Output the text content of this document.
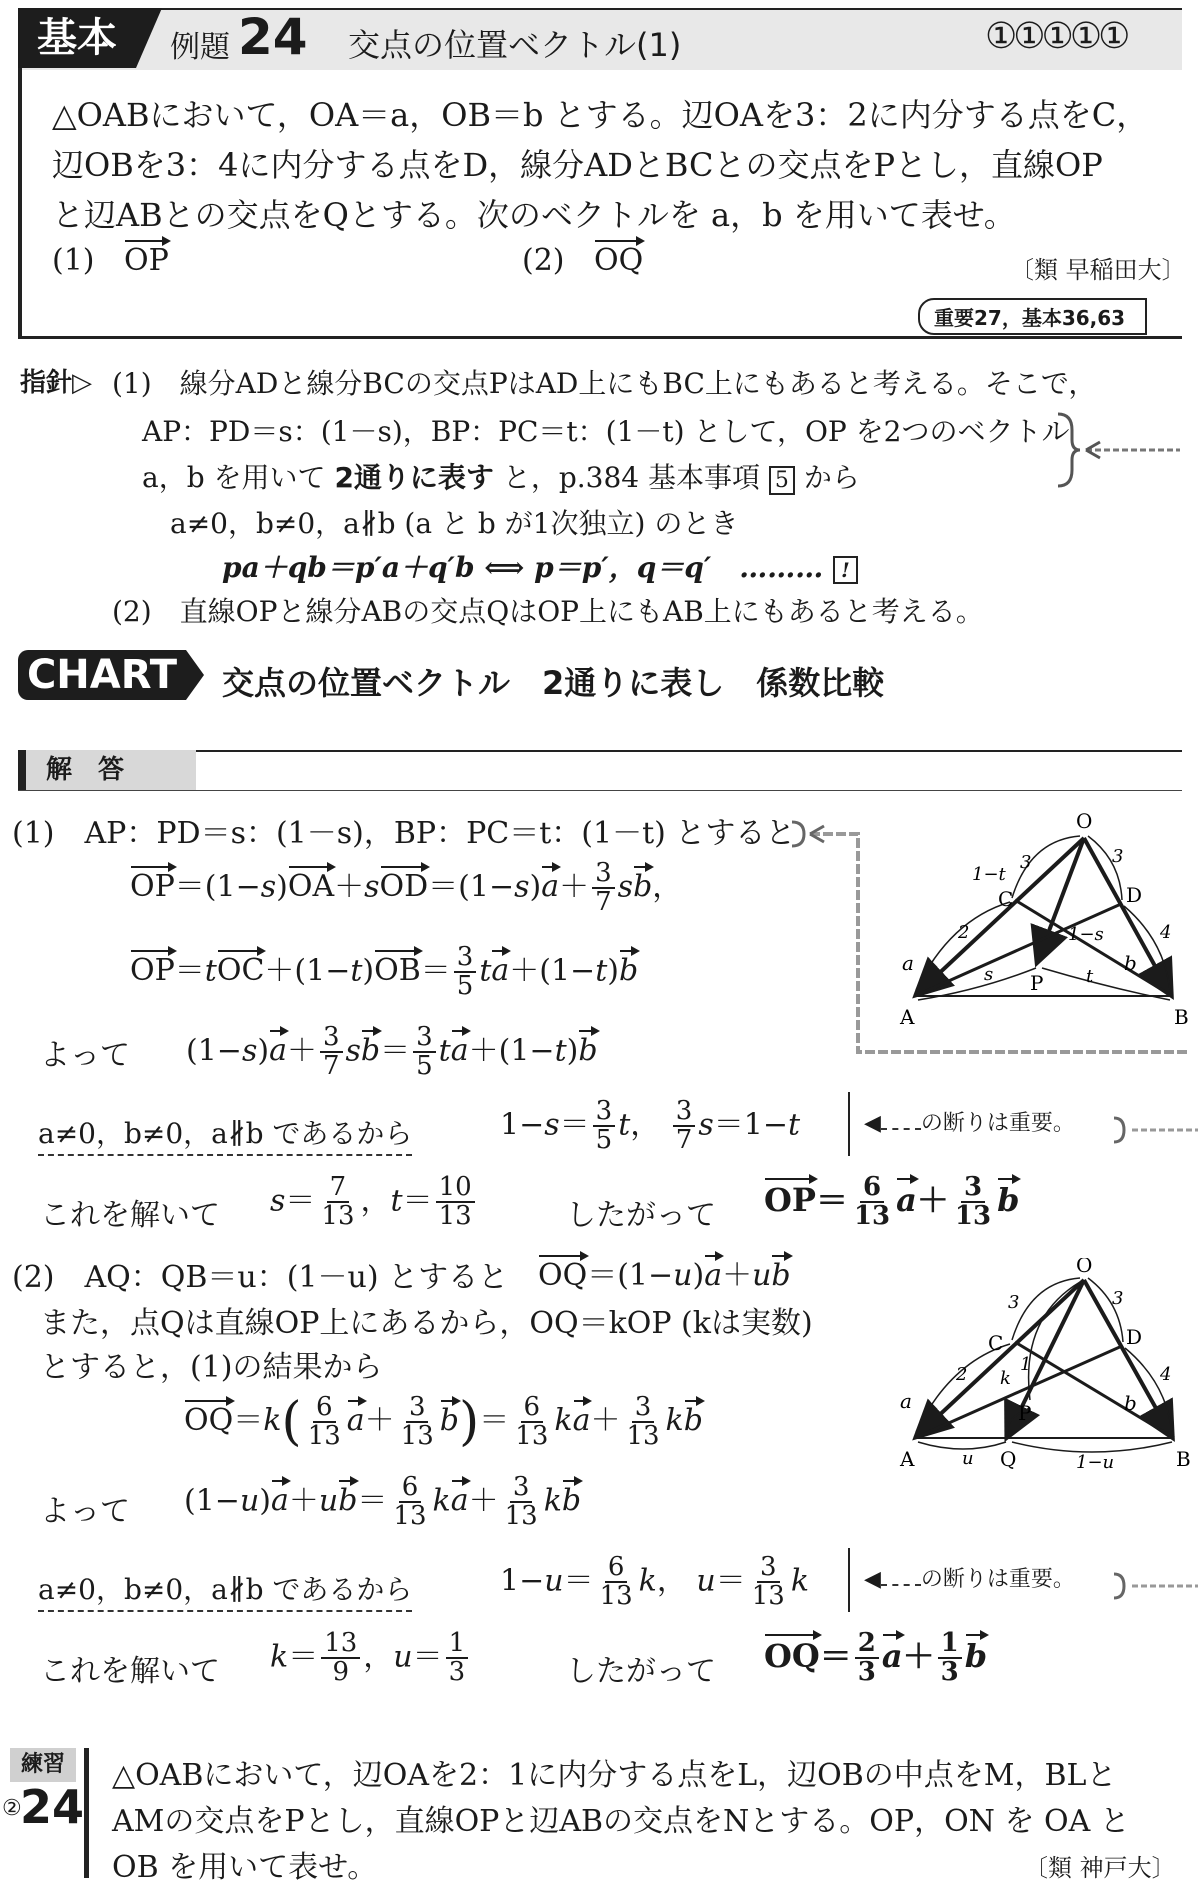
基本	例題 24 交点の位置ベクトル(1)	①①①①①
△OABにおいて，OA＝a，OB＝b とする。辺OAを3：2に内分する点をC，
辺OBを3：4に内分する点をD，線分ADとBCとの交点をPとし，直線OP
と辺ABとの交点をQとする。次のベクトルを a，b を用いて表せ。
(1) OP	(2) OQ	〔類 早稲田大〕
重要27，基本36,63
指針▷ (1)　線分ADと線分BCの交点PはAD上にもBC上にもあると考える。そこで，
AP：PD＝s：(1－s)，BP：PC＝t：(1－t) として，OP を2つのベクトル
a，b を用いて 2通りに表す と，p.384 基本事項 5 から
a≠0，b≠0，a∦b (a と b が1次独立) のとき
pa＋qb＝p′a＋q′b ⟺ p＝p′，q＝q′　……… !
(2)　直線OPと線分ABの交点QはOP上にもAB上にもあると考える。
CHART 交点の位置ベクトル　2通りに表し　係数比較
解　答
(1)　AP：PD＝s：(1－s)，BP：PC＝t：(1－t) とすると
$OP=(1-s)OA+sOD=(1-s)a+ \frac{3}{7}$ sb，
$OP=tOC+(1-t)OB= \frac{3}{5} ta+(1-t)b$
よって $(1-s)a+ \frac{3}{7} sb= \frac{3}{5} ta+(1-t)b$
a≠0，b≠0，a∦b であるから	$1-s= \frac{3}{5}$ t， $\frac{3}{7} s=1-t$	◀ の断りは重要。
これを解いて $s= \frac{7}{13}$ ，$t= \frac{10}{13}$	したがって $OP= \frac{6}{13} a+ \frac{3}{13}$ b
(2)　AQ：QB＝u：(1－u) とすると OQ＝(1−u)a＋ub
また，点Qは直線OP上にあるから，OQ＝kOP (kは実数)
とすると，(1)の結果から
$OQ=k( \frac{6}{13} a+ \frac{3}{13} b)= \frac{6}{13} ka+ \frac{3}{13}$ kb
よって $(1-u)a+ub= \frac{6}{13} ka+ \frac{3}{13}$ kb
a≠0，b≠0，a∦b であるから	$1-u= \frac{6}{13}$ k， $u= \frac{3}{13}$ k	◀ の断りは重要。
これを解いて $k= \frac{13}{9}$ ，$u= \frac{1}{3}$	したがって $OQ= \frac{2}{3} a+ \frac{1}{3}$ b
O
A	B
C	D
P
1−t
3	3
2	4
1−s
s	t
a	b
O
A	B
C	D
P
Q
3	3
2	4
k
1
u	1−u
a	b
練習
②
24
△OABにおいて，辺OAを2：1に内分する点をL，辺OBの中点をM，BLと
AMの交点をPとし，直線OPと辺ABの交点をNとする。OP，ON を OA と
OB を用いて表せ。	〔類 神戸大〕
